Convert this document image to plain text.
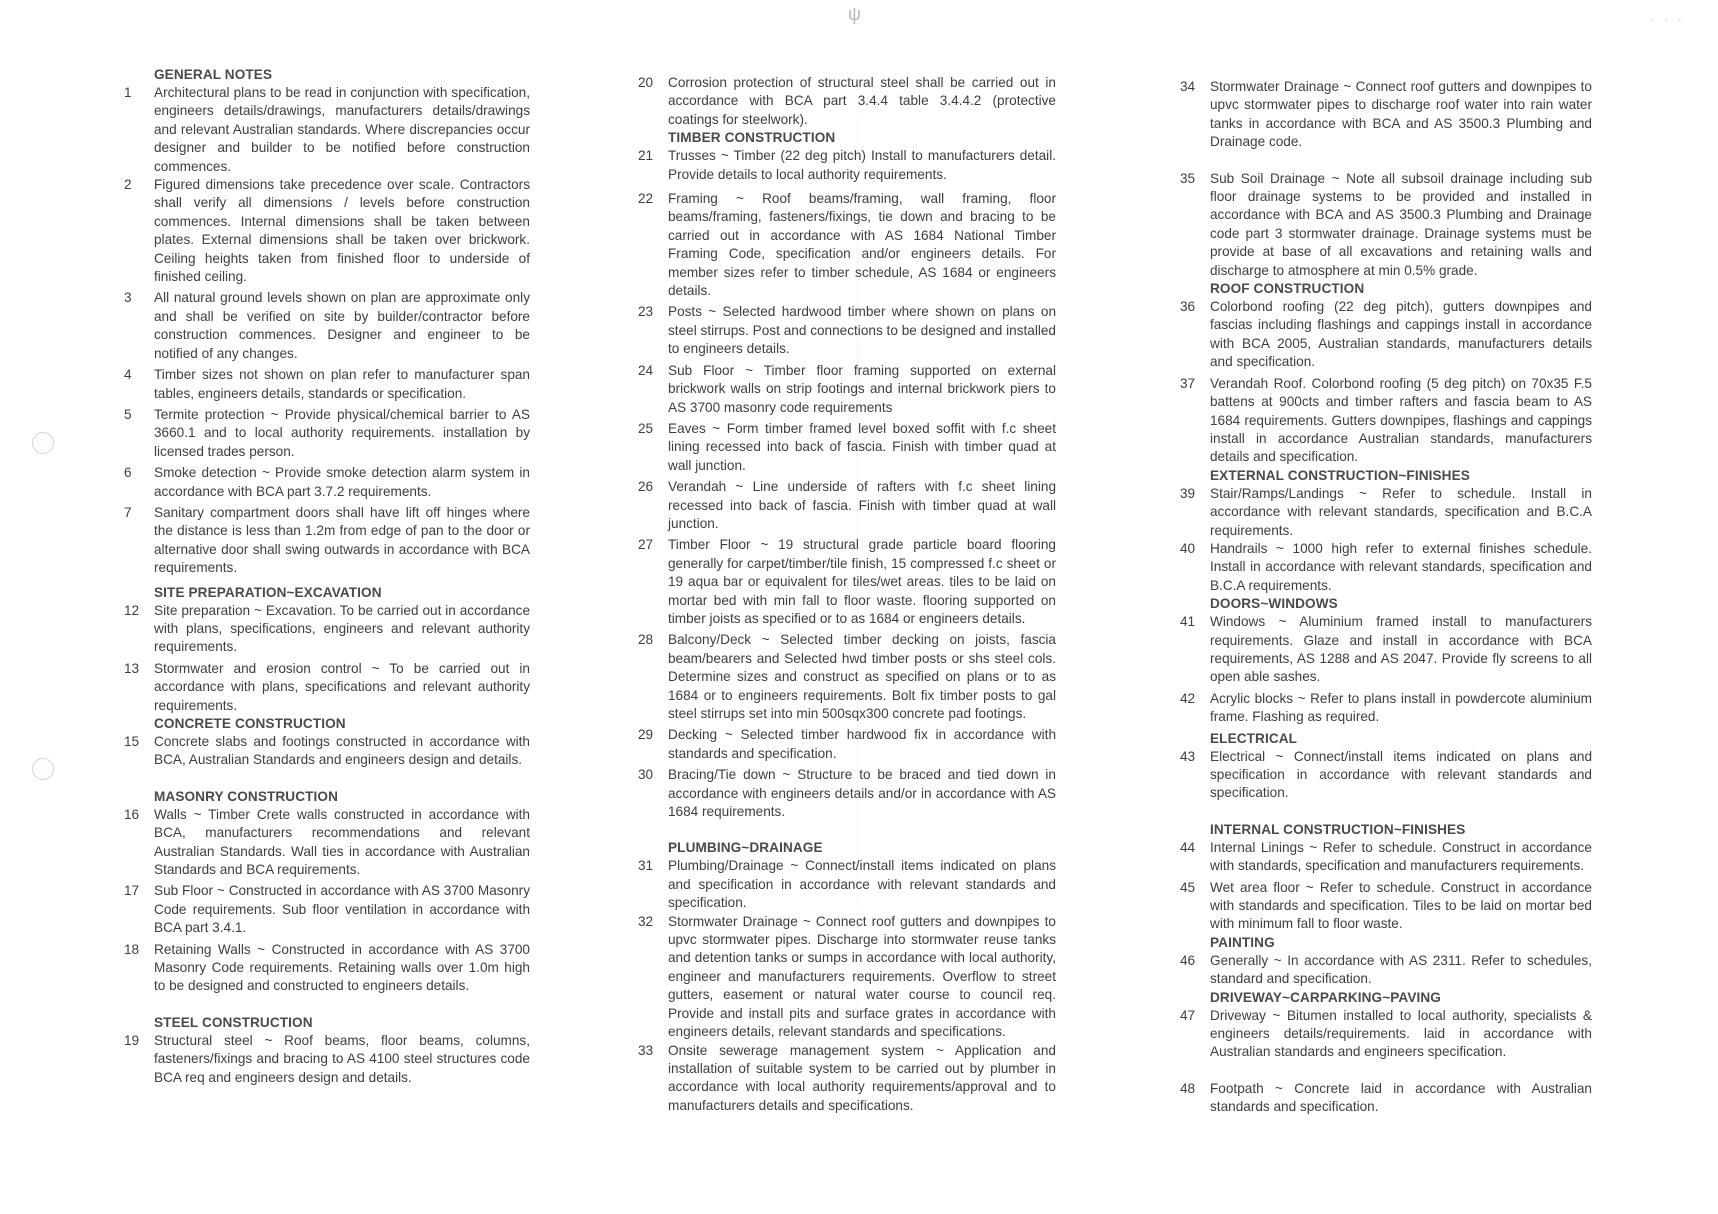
ψ	∙ ∙ ∙
GENERAL NOTES
1	Architectural plans to be read in conjunction with specification, engineers details/drawings, manufacturers details/drawings and relevant Australian standards. Where discrepancies occur designer and builder to be notified before construction commences.
2	Figured dimensions take precedence over scale. Contractors shall verify all dimensions / levels before construction commences. Internal dimensions shall be taken between plates. External dimensions shall be taken over brickwork. Ceiling heights taken from finished floor to underside of finished ceiling.
3	All natural ground levels shown on plan are approximate only and shall be verified on site by builder/contractor before construction commences. Designer and engineer to be notified of any changes.
4	Timber sizes not shown on plan refer to manufacturer span tables, engineers details, standards or specification.
5	Termite protection ~ Provide physical/chemical barrier to AS 3660.1 and to local authority requirements. installation by licensed trades person.
6	Smoke detection ~ Provide smoke detection alarm system in accordance with BCA part 3.7.2 requirements.
7	Sanitary compartment doors shall have lift off hinges where the distance is less than 1.2m from edge of pan to the door or alternative door shall swing outwards in accordance with BCA requirements.
SITE PREPARATION~EXCAVATION
12	Site preparation ~ Excavation. To be carried out in accordance with plans, specifications, engineers and relevant authority requirements.
13	Stormwater and erosion control ~ To be carried out in accordance with plans, specifications and relevant authority requirements.
CONCRETE CONSTRUCTION
15	Concrete slabs and footings constructed in accordance with BCA, Australian Standards and engineers design and details.
MASONRY CONSTRUCTION
16	Walls ~ Timber Crete walls constructed in accordance with BCA, manufacturers recommendations and relevant Australian Standards. Wall ties in accordance with Australian Standards and BCA requirements.
17	Sub Floor ~ Constructed in accordance with AS 3700 Masonry Code requirements. Sub floor ventilation in accordance with BCA part 3.4.1.
18	Retaining Walls ~ Constructed in accordance with AS 3700 Masonry Code requirements. Retaining walls over 1.0m high to be designed and constructed to engineers details.
STEEL CONSTRUCTION
19	Structural steel ~ Roof beams, floor beams, columns, fasteners/fixings and bracing to AS 4100 steel structures code BCA req and engineers design and details.
20	Corrosion protection of structural steel shall be carried out in accordance with BCA part 3.4.4 table 3.4.4.2 (protective coatings for steelwork).
TIMBER CONSTRUCTION
21	Trusses ~ Timber (22 deg pitch) Install to manufacturers detail. Provide details to local authority requirements.
22	Framing ~ Roof beams/framing, wall framing, floor beams/framing, fasteners/fixings, tie down and bracing to be carried out in accordance with AS 1684 National Timber Framing Code, specification and/or engineers details. For member sizes refer to timber schedule, AS 1684 or engineers details.
23	Posts ~ Selected hardwood timber where shown on plans on steel stirrups. Post and connections to be designed and installed to engineers details.
24	Sub Floor ~ Timber floor framing supported on external brickwork walls on strip footings and internal brickwork piers to AS 3700 masonry code requirements
25	Eaves ~ Form timber framed level boxed soffit with f.c sheet lining recessed into back of fascia. Finish with timber quad at wall junction.
26	Verandah ~ Line underside of rafters with f.c sheet lining recessed into back of fascia. Finish with timber quad at wall junction.
27	Timber Floor ~ 19 structural grade particle board flooring generally for carpet/timber/tile finish, 15 compressed f.c sheet or 19 aqua bar or equivalent for tiles/wet areas. tiles to be laid on mortar bed with min fall to floor waste. flooring supported on timber joists as specified or to as 1684 or engineers details.
28	Balcony/Deck ~ Selected timber decking on joists, fascia beam/bearers and Selected hwd timber posts or shs steel cols. Determine sizes and construct as specified on plans or to as 1684 or to engineers requirements. Bolt fix timber posts to gal steel stirrups set into min 500sqx300 concrete pad footings.
29	Decking ~ Selected timber hardwood fix in accordance with standards and specification.
30	Bracing/Tie down ~ Structure to be braced and tied down in accordance with engineers details and/or in accordance with AS 1684 requirements.
PLUMBING~DRAINAGE
31	Plumbing/Drainage ~ Connect/install items indicated on plans and specification in accordance with relevant standards and specification.
32	Stormwater Drainage ~ Connect roof gutters and downpipes to upvc stormwater pipes. Discharge into stormwater reuse tanks and detention tanks or sumps in accordance with local authority, engineer and manufacturers requirements. Overflow to street gutters, easement or natural water course to council req. Provide and install pits and surface grates in accordance with engineers details, relevant standards and specifications.
33	Onsite sewerage management system ~ Application and installation of suitable system to be carried out by plumber in accordance with local authority requirements/approval and to manufacturers details and specifications.
34	Stormwater Drainage ~ Connect roof gutters and downpipes to upvc stormwater pipes to discharge roof water into rain water tanks in accordance with BCA and AS 3500.3 Plumbing and Drainage code.
35	Sub Soil Drainage ~ Note all subsoil drainage including sub floor drainage systems to be provided and installed in accordance with BCA and AS 3500.3 Plumbing and Drainage code part 3 stormwater drainage. Drainage systems must be provide at base of all excavations and retaining walls and discharge to atmosphere at min 0.5% grade.
ROOF CONSTRUCTION
36	Colorbond roofing (22 deg pitch), gutters downpipes and fascias including flashings and cappings install in accordance with BCA 2005, Australian standards, manufacturers details and specification.
37	Verandah Roof. Colorbond roofing (5 deg pitch) on 70x35 F.5 battens at 900cts and timber rafters and fascia beam to AS 1684 requirements. Gutters downpipes, flashings and cappings install in accordance Australian standards, manufacturers details and specification.
EXTERNAL CONSTRUCTION~FINISHES
39	Stair/Ramps/Landings ~ Refer to schedule. Install in accordance with relevant standards, specification and B.C.A requirements.
40	Handrails ~ 1000 high refer to external finishes schedule. Install in accordance with relevant standards, specification and B.C.A requirements.
DOORS~WINDOWS
41	Windows ~ Aluminium framed install to manufacturers requirements. Glaze and install in accordance with BCA requirements, AS 1288 and AS 2047. Provide fly screens to all open able sashes.
42	Acrylic blocks ~ Refer to plans install in powdercote aluminium frame. Flashing as required.
ELECTRICAL
43	Electrical ~ Connect/install items indicated on plans and specification in accordance with relevant standards and specification.
INTERNAL CONSTRUCTION~FINISHES
44	Internal Linings ~ Refer to schedule. Construct in accordance with standards, specification and manufacturers requirements.
45	Wet area floor ~ Refer to schedule. Construct in accordance with standards and specification. Tiles to be laid on mortar bed with minimum fall to floor waste.
PAINTING
46	Generally ~ In accordance with AS 2311. Refer to schedules, standard and specification.
DRIVEWAY~CARPARKING~PAVING
47	Driveway ~ Bitumen installed to local authority, specialists & engineers details/requirements. laid in accordance with Australian standards and engineers specification.
48	Footpath ~ Concrete laid in accordance with Australian standards and specification.
